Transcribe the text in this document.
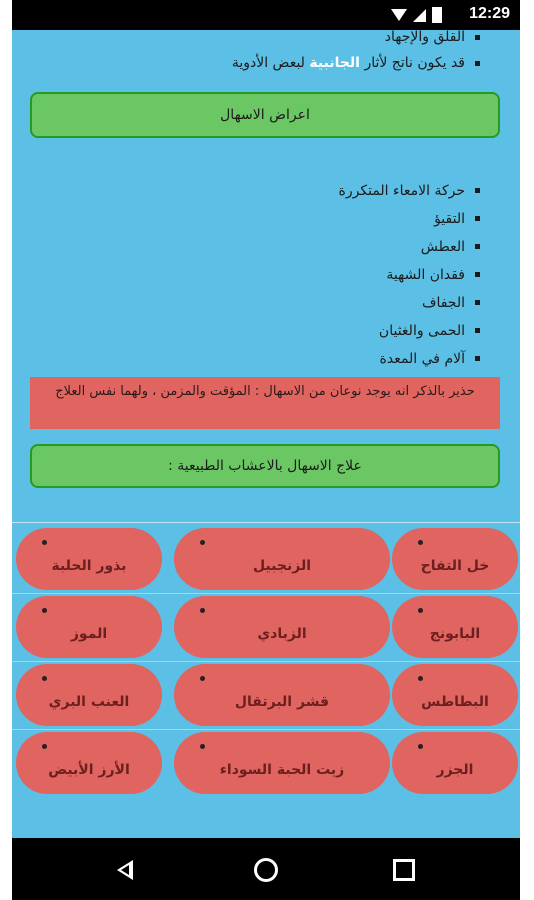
12:29
القلق والإجهاد
قد يكون ناتج لأثار الجانبية لبعض الأدوية
اعراض الاسهال
حركة الامعاء المتكررة
التقيؤ
العطش
فقدان الشهية
الجفاف
الحمى والغثيان
آلام في المعدة
حذير بالذكر انه يوجد نوعان من الاسهال : المؤقت والمزمن ، ولهما نفس العلاج
علاج الاسهال بالاعشاب الطبيعية :
بذور الحلبة	الزنجبيل	خل التفاح
الموز	الزبادي	البابونج
العنب البري	قشر البرتقال	البطاطس
الأرز الأبيض	زيت الحبة السوداء	الجزر
